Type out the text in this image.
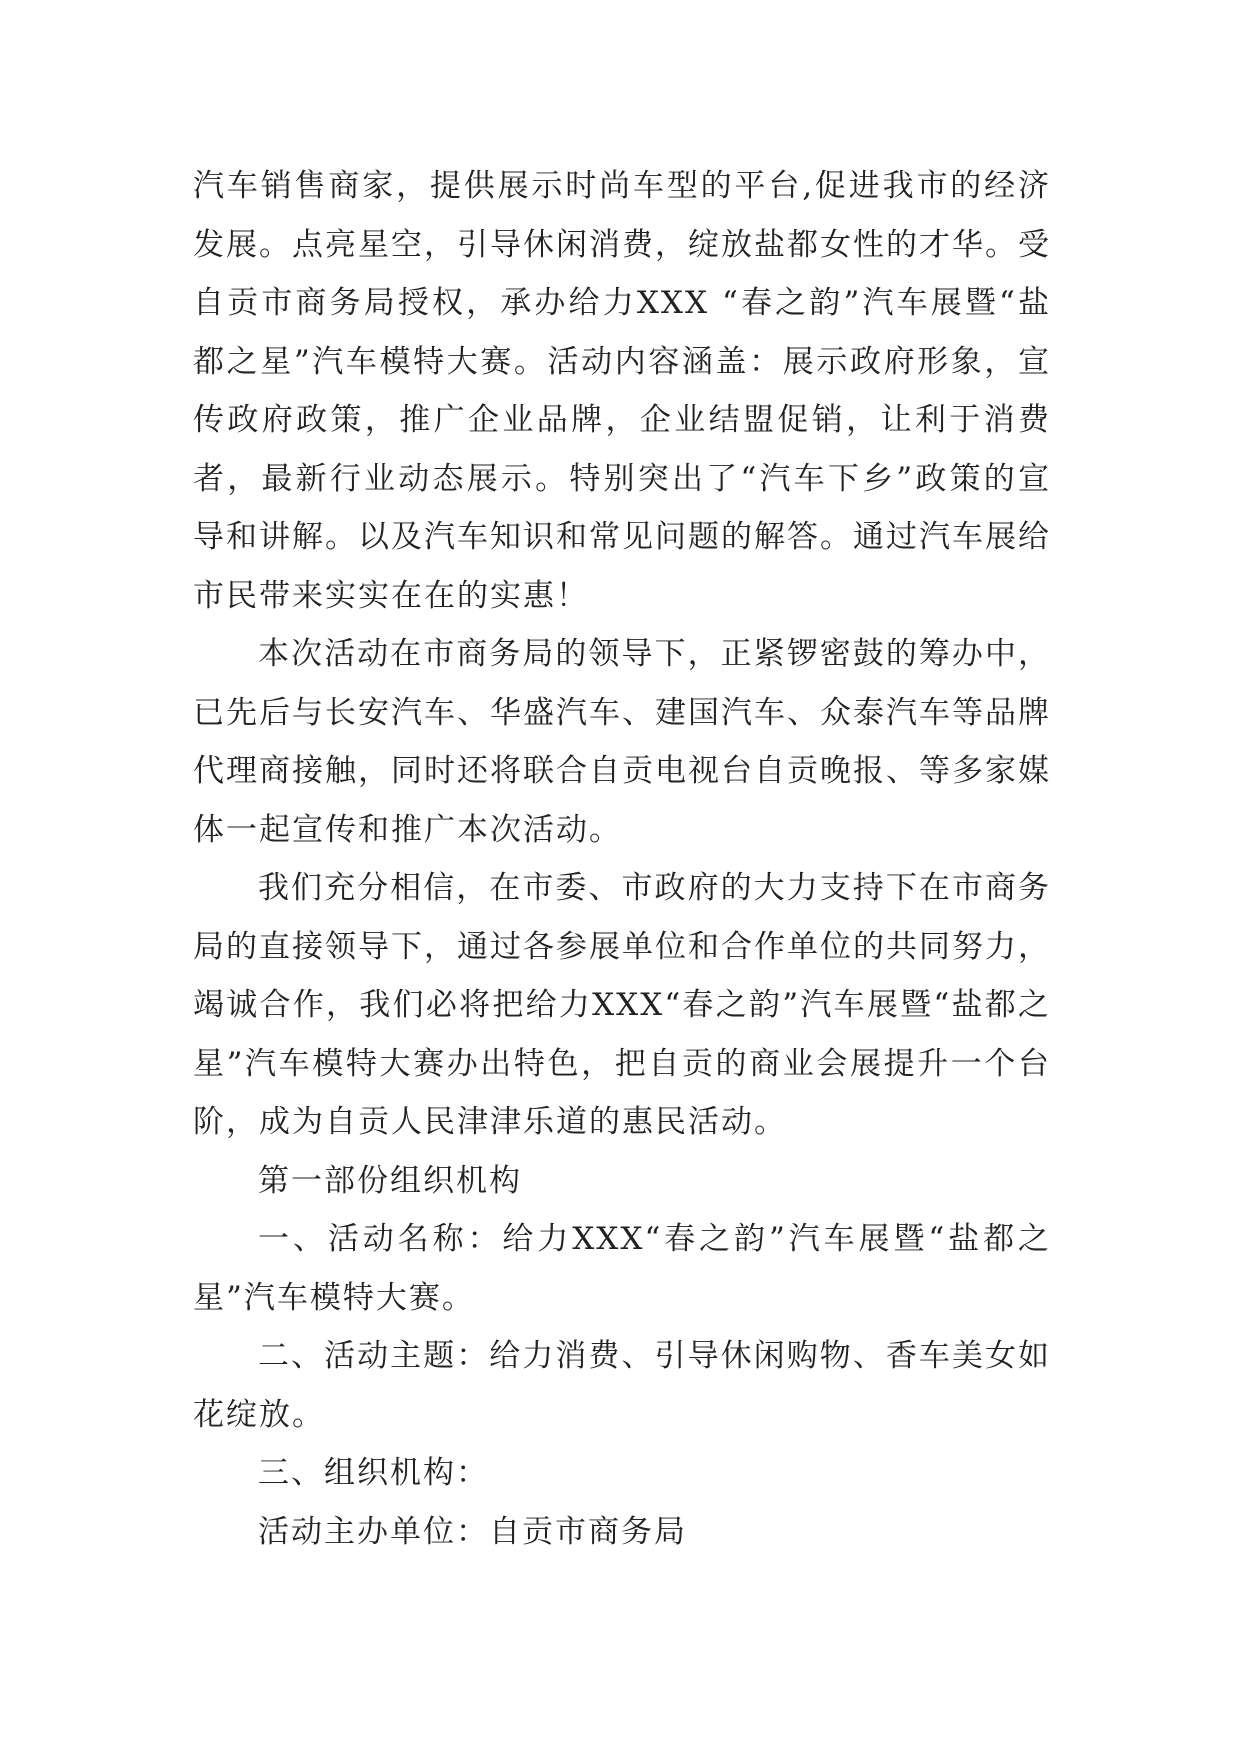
汽车销售商家，提供展示时尚车型的平台,促进我市的经济发展。点亮星空，引导休闲消费，绽放盐都女性的才华。受自贡市商务局授权，承办给力XXX “春之韵”汽车展暨“盐都之星”汽车模特大赛。活动内容涵盖：展示政府形象，宣传政府政策，推广企业品牌，企业结盟促销，让利于消费者，最新行业动态展示。特别突出了“汽车下乡”政策的宣导和讲解。以及汽车知识和常见问题的解答。通过汽车展给市民带来实实在在的实惠！

本次活动在市商务局的领导下，正紧锣密鼓的筹办中，已先后与长安汽车、华盛汽车、建国汽车、众泰汽车等品牌代理商接触，同时还将联合自贡电视台自贡晚报、等多家媒体一起宣传和推广本次活动。

我们充分相信，在市委、市政府的大力支持下在市商务局的直接领导下，通过各参展单位和合作单位的共同努力，竭诚合作，我们必将把给力XXX“春之韵”汽车展暨“盐都之星”汽车模特大赛办出特色，把自贡的商业会展提升一个台阶，成为自贡人民津津乐道的惠民活动。

第一部份组织机构

一、活动名称：给力XXX“春之韵”汽车展暨“盐都之星”汽车模特大赛。

二、活动主题：给力消费、引导休闲购物、香车美女如花绽放。

三、组织机构：

活动主办单位：自贡市商务局
